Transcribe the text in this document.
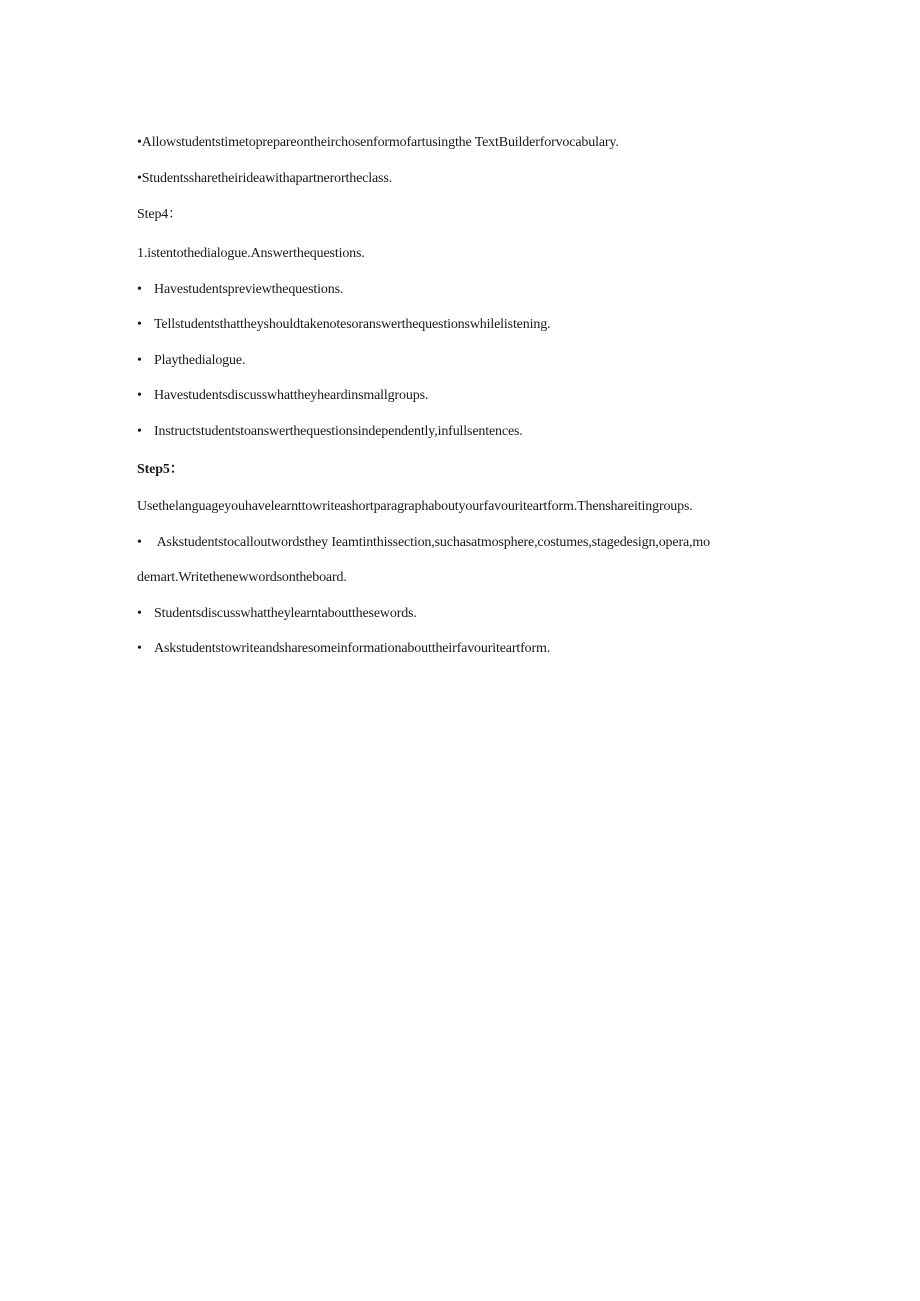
•Allowstudentstimetoprepareontheirchosenformofartusingthe TextBuilderforvocabulary.
•Studentssharetheirideawithapartnerortheclass.
Step4：
1.istentothedialogue.Answerthequestions.
• Havestudentspreviewthequestions.
• Tellstudentsthattheyshouldtakenotesoranswerthequestionswhilelistening.
• Playthedialogue.
• Havestudentsdiscusswhattheyheardinsmallgroups.
• Instructstudentstoanswerthequestionsindependently,infullsentences.
Step5：
Usethelanguageyouhavelearnttowriteashortparagraphaboutyourfavouriteartform.Thenshareitingroups.
• Askstudentstocalloutwordsthey Ieamtinthissection,suchasatmosphere,costumes,stagedesign,opera,mo
demart.Writethenewwordsontheboard.
• Studentsdiscusswhattheylearntaboutthesewords.
• Askstudentstowriteandsharesomeinformationabouttheirfavouriteartform.
